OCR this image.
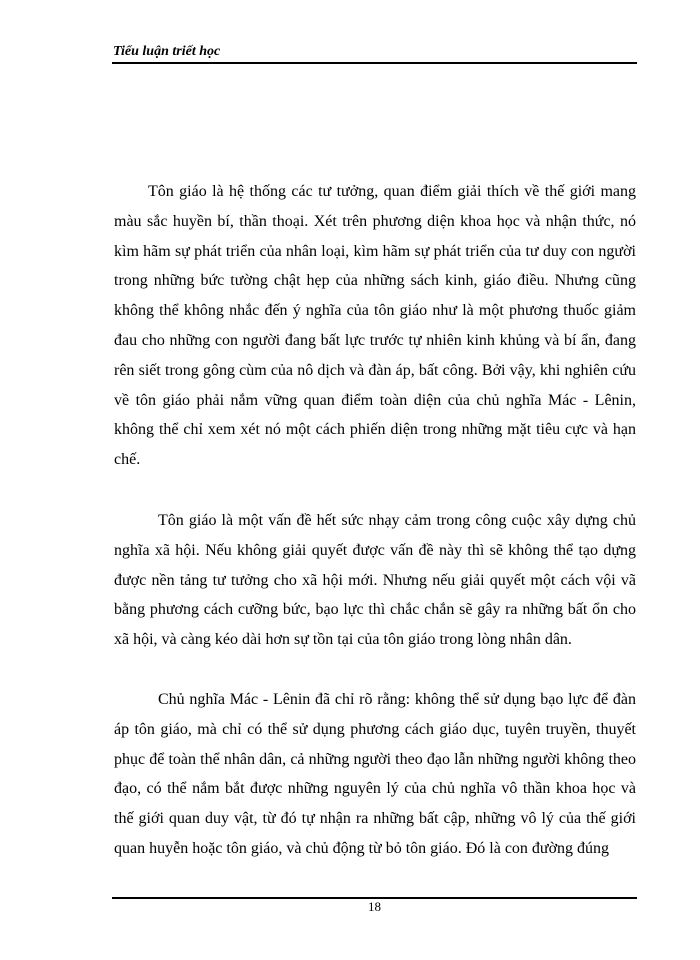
Tiểu luận triết học

Tôn giáo là hệ thống các tư tưởng, quan điểm giải thích về thế giới mang màu sắc huyền bí, thần thoại. Xét trên phương diện khoa học và nhận thức, nó kìm hãm sự phát triển của nhân loại, kìm hãm sự phát triển của tư duy con người trong những bức tường chật hẹp của những sách kinh, giáo điều. Nhưng cũng không thể không nhắc đến ý nghĩa của tôn giáo như là một phương thuốc giảm đau cho những con người đang bất lực trước tự nhiên kinh khủng và bí ẩn, đang rên siết trong gông cùm của nô dịch và đàn áp, bất công. Bởi vậy, khi nghiên cứu về tôn giáo phải nắm vững quan điểm toàn diện của chủ nghĩa Mác - Lênin, không thể chỉ xem xét nó một cách phiến diện trong những mặt tiêu cực và hạn chế.

Tôn giáo là một vấn đề hết sức nhạy cảm trong công cuộc xây dựng chủ nghĩa xã hội. Nếu không giải quyết được vấn đề này thì sẽ không thể tạo dựng được nền tảng tư tưởng cho xã hội mới. Nhưng nếu giải quyết một cách vội vã bằng phương cách cưỡng bức, bạo lực thì chắc chắn sẽ gây ra những bất ổn cho xã hội, và càng kéo dài hơn sự tồn tại của tôn giáo trong lòng nhân dân.

Chủ nghĩa Mác - Lênin đã chỉ rõ rằng: không thể sử dụng bạo lực để đàn áp tôn giáo, mà chỉ có thể sử dụng phương cách giáo dục, tuyên truyền, thuyết phục để toàn thể nhân dân, cả những người theo đạo lẫn những người không theo đạo, có thể nắm bắt được những nguyên lý của chủ nghĩa vô thần khoa học và thế giới quan duy vật, từ đó tự nhận ra những bất cập, những vô lý của thế giới quan huyễn hoặc tôn giáo, và chủ động từ bỏ tôn giáo. Đó là con đường đúng

18
